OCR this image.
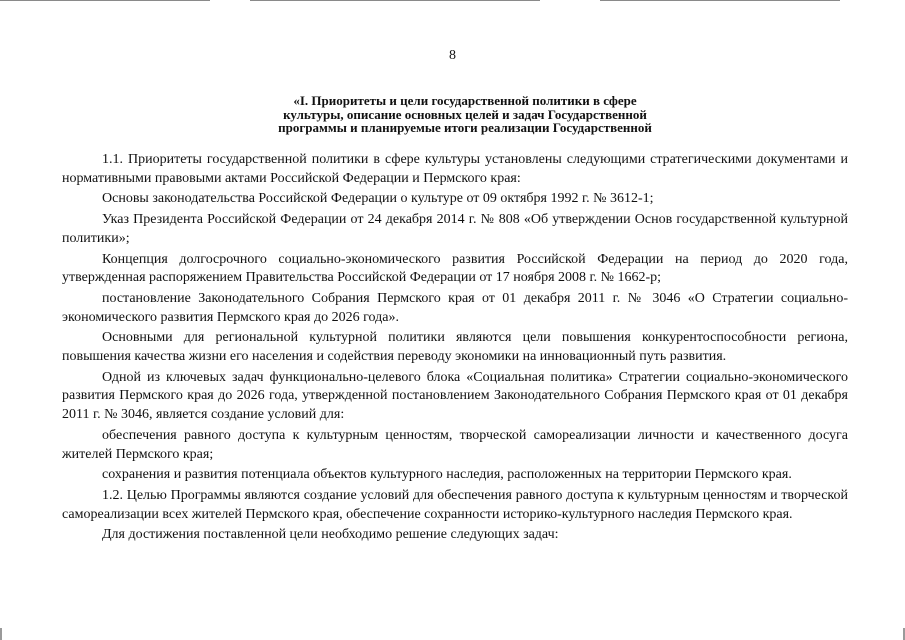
8
«I. Приоритеты и цели государственной политики в сфере
культуры, описание основных целей и задач Государственной
программы и планируемые итоги реализации Государственной

1.1. Приоритеты государственной политики в сфере культуры установлены следующими стратегическими документами и нормативными правовыми актами Российской Федерации и Пермского края:

Основы законодательства Российской Федерации о культуре от 09 октября 1992 г. № 3612-1;

Указ Президента Российской Федерации от 24 декабря 2014 г. № 808 «Об утверждении Основ государственной культурной политики»;

Концепция долгосрочного социально-экономического развития Российской Федерации на период до 2020 года, утвержденная распоряжением Правительства Российской Федерации от 17 ноября 2008 г. № 1662-р;

постановление Законодательного Собрания Пермского края от 01 декабря 2011 г. № 3046 «О Стратегии социально-экономического развития Пермского края до 2026 года».

Основными для региональной культурной политики являются цели повышения конкурентоспособности региона, повышения качества жизни его населения и содействия переводу экономики на инновационный путь развития.

Одной из ключевых задач функционально-целевого блока «Социальная политика» Стратегии социально-экономического развития Пермского края до 2026 года, утвержденной постановлением Законодательного Собрания Пермского края от 01 декабря 2011 г. № 3046, является создание условий для:

обеспечения равного доступа к культурным ценностям, творческой самореализации личности и качественного досуга жителей Пермского края;

сохранения и развития потенциала объектов культурного наследия, расположенных на территории Пермского края.

1.2. Целью Программы являются создание условий для обеспечения равного доступа к культурным ценностям и творческой самореализации всех жителей Пермского края, обеспечение сохранности историко-культурного наследия Пермского края.

Для достижения поставленной цели необходимо решение следующих задач:
